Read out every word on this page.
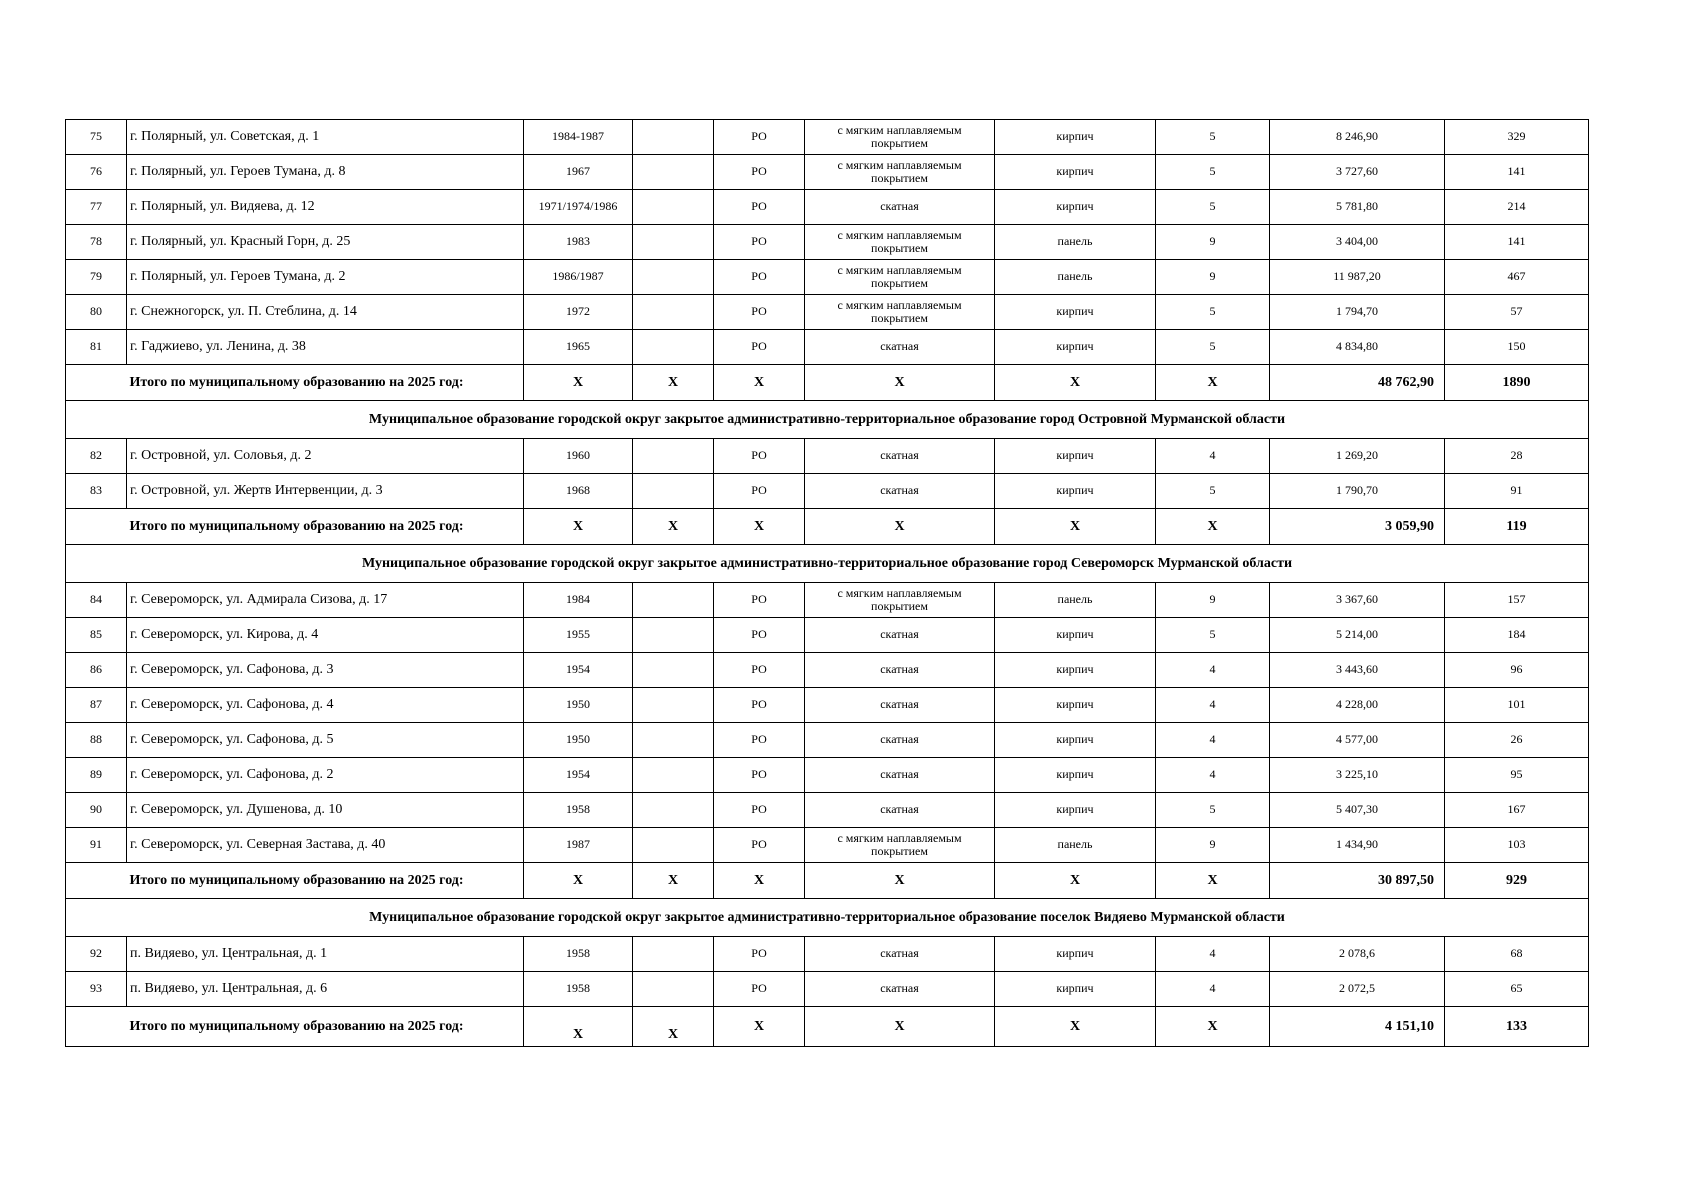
75	г. Полярный, ул. Советская, д. 1	1984-1987		РО	с мягким наплавляемым покрытием	кирпич	5	8 246,90	329
76	г. Полярный, ул. Героев Тумана, д. 8	1967		РО	с мягким наплавляемым покрытием	кирпич	5	3 727,60	141
77	г. Полярный, ул. Видяева, д. 12	1971/1974/1986		РО	скатная	кирпич	5	5 781,80	214
78	г. Полярный, ул. Красный Горн, д. 25	1983		РО	с мягким наплавляемым покрытием	панель	9	3 404,00	141
79	г. Полярный, ул. Героев Тумана, д. 2	1986/1987		РО	с мягким наплавляемым покрытием	панель	9	11 987,20	467
80	г. Снежногорск, ул. П. Стеблина, д. 14	1972		РО	с мягким наплавляемым покрытием	кирпич	5	1 794,70	57
81	г. Гаджиево, ул. Ленина, д. 38	1965		РО	скатная	кирпич	5	4 834,80	150
	Итого по муниципальному образованию на 2025 год:	X	X	X	X	X	X	48 762,90	1890
Муниципальное образование городской округ закрытое административно-территориальное образование город Островной Мурманской области									
82	г. Островной, ул. Соловья, д. 2	1960		РО	скатная	кирпич	4	1 269,20	28
83	г. Островной, ул. Жертв Интервенции, д. 3	1968		РО	скатная	кирпич	5	1 790,70	91
	Итого по муниципальному образованию на 2025 год:	X	X	X	X	X	X	3 059,90	119
Муниципальное образование городской округ закрытое административно-территориальное образование город Североморск Мурманской области									
84	г. Североморск, ул. Адмирала Сизова, д. 17	1984		РО	с мягким наплавляемым покрытием	панель	9	3 367,60	157
85	г. Североморск, ул. Кирова, д. 4	1955		РО	скатная	кирпич	5	5 214,00	184
86	г. Североморск, ул. Сафонова, д. 3	1954		РО	скатная	кирпич	4	3 443,60	96
87	г. Североморск, ул. Сафонова, д. 4	1950		РО	скатная	кирпич	4	4 228,00	101
88	г. Североморск, ул. Сафонова, д. 5	1950		РО	скатная	кирпич	4	4 577,00	26
89	г. Североморск, ул. Сафонова, д. 2	1954		РО	скатная	кирпич	4	3 225,10	95
90	г. Североморск, ул. Душенова, д. 10	1958		РО	скатная	кирпич	5	5 407,30	167
91	г. Североморск, ул. Северная Застава, д. 40	1987		РО	с мягким наплавляемым покрытием	панель	9	1 434,90	103
	Итого по муниципальному образованию на 2025 год:	X	X	X	X	X	X	30 897,50	929
Муниципальное образование городской округ закрытое административно-территориальное образование поселок Видяево Мурманской области									
92	п. Видяево, ул. Центральная, д. 1	1958		РО	скатная	кирпич	4	2 078,6	68
93	п. Видяево, ул. Центральная, д. 6	1958		РО	скатная	кирпич	4	2 072,5	65
	Итого по муниципальному образованию на 2025 год:	X	X	X	X	X	X	4 151,10	133
